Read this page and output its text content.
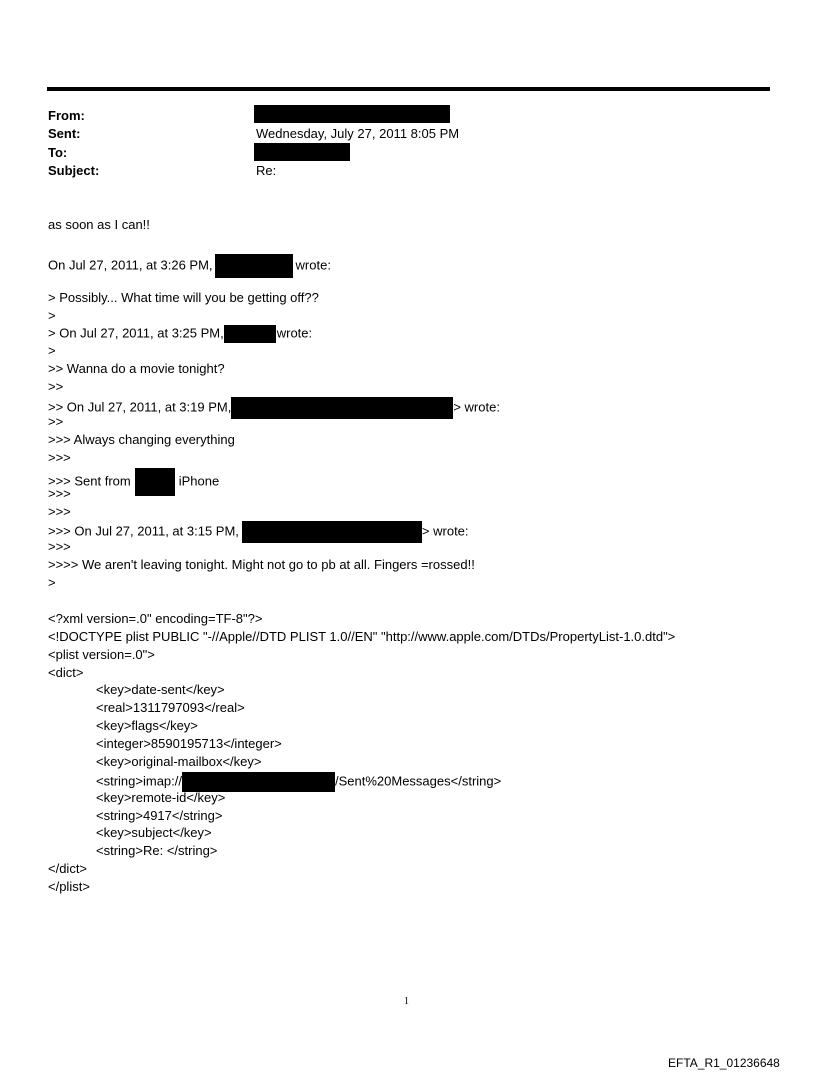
From:
Sent:	Wednesday, July 27, 2011 8:05 PM
To:
Subject:	Re:
as soon as I can!!
On Jul 27, 2011, at 3:26 PM,	wrote:
> Possibly... What time will you be getting off??
>
> On Jul 27, 2011, at 3:25 PM,	wrote:
>
>> Wanna do a movie tonight?
>>
>> On Jul 27, 2011, at 3:19 PM,	> wrote:
>>
>>> Always changing everything
>>>
>>> Sent from	iPhone
>>>
>>>
>>> On Jul 27, 2011, at 3:15 PM,	> wrote:
>>>
>>>> We aren't leaving tonight. Might not go to pb at all. Fingers =rossed!!
>
<?xml version=.0" encoding=TF-8"?>
<!DOCTYPE plist PUBLIC "-//Apple//DTD PLIST 1.0//EN" "http://www.apple.com/DTDs/PropertyList-1.0.dtd">
<plist version=.0">
<dict>
<key>date-sent</key>
<real>1311797093</real>
<key>flags</key>
<integer>8590195713</integer>
<key>original-mailbox</key>
<string>imap://	/Sent%20Messages</string>
<key>remote-id</key>
<string>4917</string>
<key>subject</key>
<string>Re: </string>
</dict>
</plist>
1
EFTA_R1_01236648
